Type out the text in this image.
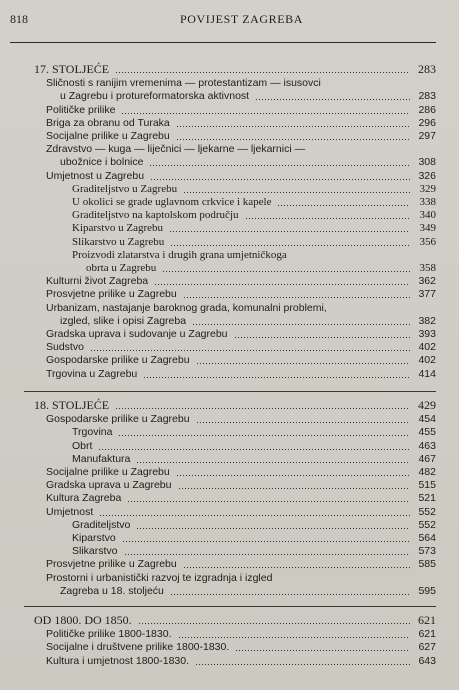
818	POVIJEST ZAGREBA
17. STOLJEĆE	283
Sličnosti s ranijim vremenima — protestantizam — isusovci
u Zagrebu i protureformatorska aktivnost	283
Političke prilike	286
Briga za obranu od Turaka	296
Socijalne prilike u Zagrebu	297
Zdravstvo — kuga — liječnici — ljekarne — ljekarnici —
ubožnice i bolnice	308
Umjetnost u Zagrebu	326
Graditeljstvo u Zagrebu	329
U okolici se grade uglavnom crkvice i kapele	338
Graditeljstvo na kaptolskom području	340
Kiparstvo u Zagrebu	349
Slikarstvo u Zagrebu	356
Proizvodi zlatarstva i drugih grana umjetničkoga
obrta u Zagrebu	358
Kulturni život Zagreba	362
Prosvjetne prilike u Zagrebu	377
Urbanizam, nastajanje baroknog grada, komunalni problemi,
izgled, slike i opisi Zagreba	382
Gradska uprava i sudovanje u Zagrebu	393
Sudstvo	402
Gospodarske prilike u Zagrebu	402
Trgovina u Zagrebu	414
18. STOLJEĆE	429
Gospodarske prilike u Zagrebu	454
Trgovina	455
Obrt	463
Manufaktura	467
Socijalne prilike u Zagrebu	482
Gradska uprava u Zagrebu	515
Kultura Zagreba	521
Umjetnost	552
Graditeljstvo	552
Kiparstvo	564
Slikarstvo	573
Prosvjetne prilike u Zagrebu	585
Prostorni i urbanistički razvoj te izgradnja i izgled
Zagreba u 18. stoljeću	595
OD 1800. DO 1850.	621
Političke prilike 1800-1830.	621
Socijalne i društvene prilike 1800-1830.	627
Kultura i umjetnost 1800-1830.	643
